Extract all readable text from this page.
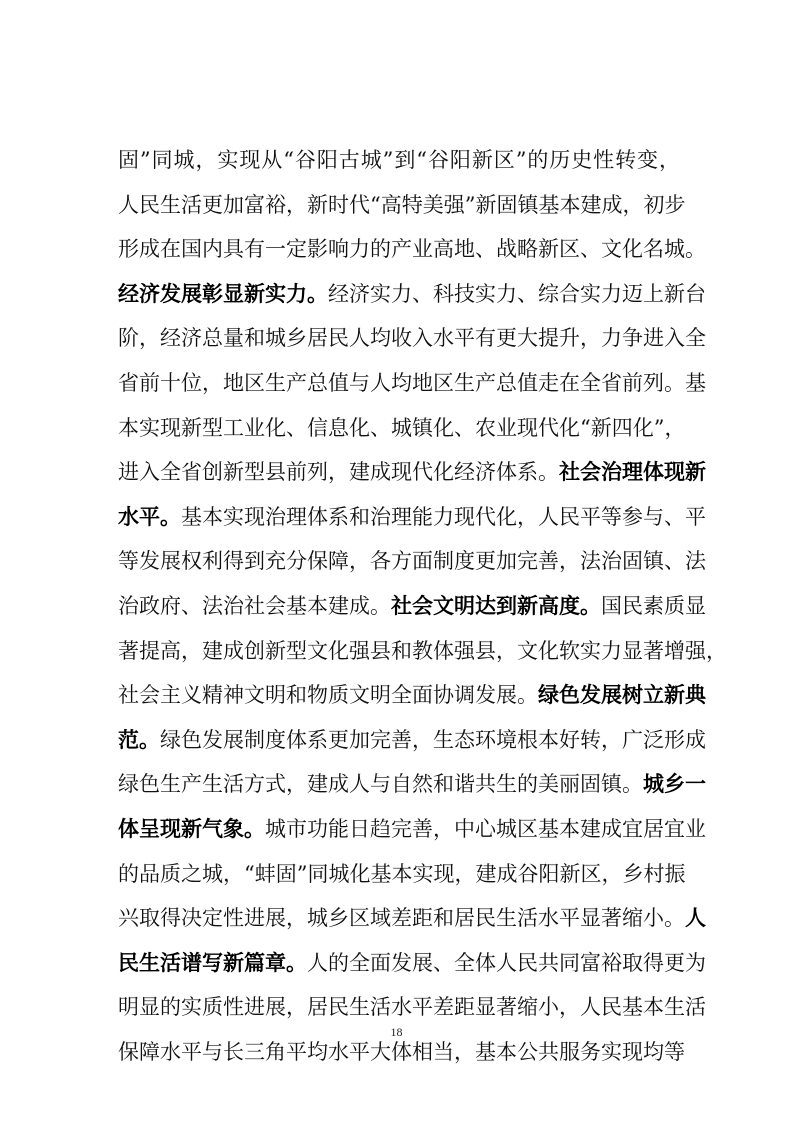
固”同城，实现从“谷阳古城”到“谷阳新区”的历史性转变，
人民生活更加富裕，新时代“高特美强”新固镇基本建成，初步
形成在国内具有一定影响力的产业高地、战略新区、文化名城。
经济发展彰显新实力。经济实力、科技实力、综合实力迈上新台
阶，经济总量和城乡居民人均收入水平有更大提升，力争进入全
省前十位，地区生产总值与人均地区生产总值走在全省前列。基
本实现新型工业化、信息化、城镇化、农业现代化“新四化”，
进入全省创新型县前列，建成现代化经济体系。社会治理体现新
水平。基本实现治理体系和治理能力现代化，人民平等参与、平
等发展权利得到充分保障，各方面制度更加完善，法治固镇、法
治政府、法治社会基本建成。社会文明达到新高度。国民素质显
著提高，建成创新型文化强县和教体强县，文化软实力显著增强，
社会主义精神文明和物质文明全面协调发展。绿色发展树立新典
范。绿色发展制度体系更加完善，生态环境根本好转，广泛形成
绿色生产生活方式，建成人与自然和谐共生的美丽固镇。城乡一
体呈现新气象。城市功能日趋完善，中心城区基本建成宜居宜业
的品质之城，“蚌固”同城化基本实现，建成谷阳新区，乡村振
兴取得决定性进展，城乡区域差距和居民生活水平显著缩小。人
民生活谱写新篇章。人的全面发展、全体人民共同富裕取得更为
明显的实质性进展，居民生活水平差距显著缩小，人民基本生活
保障水平与长三角平均水平大体相当，基本公共服务实现均等
18
